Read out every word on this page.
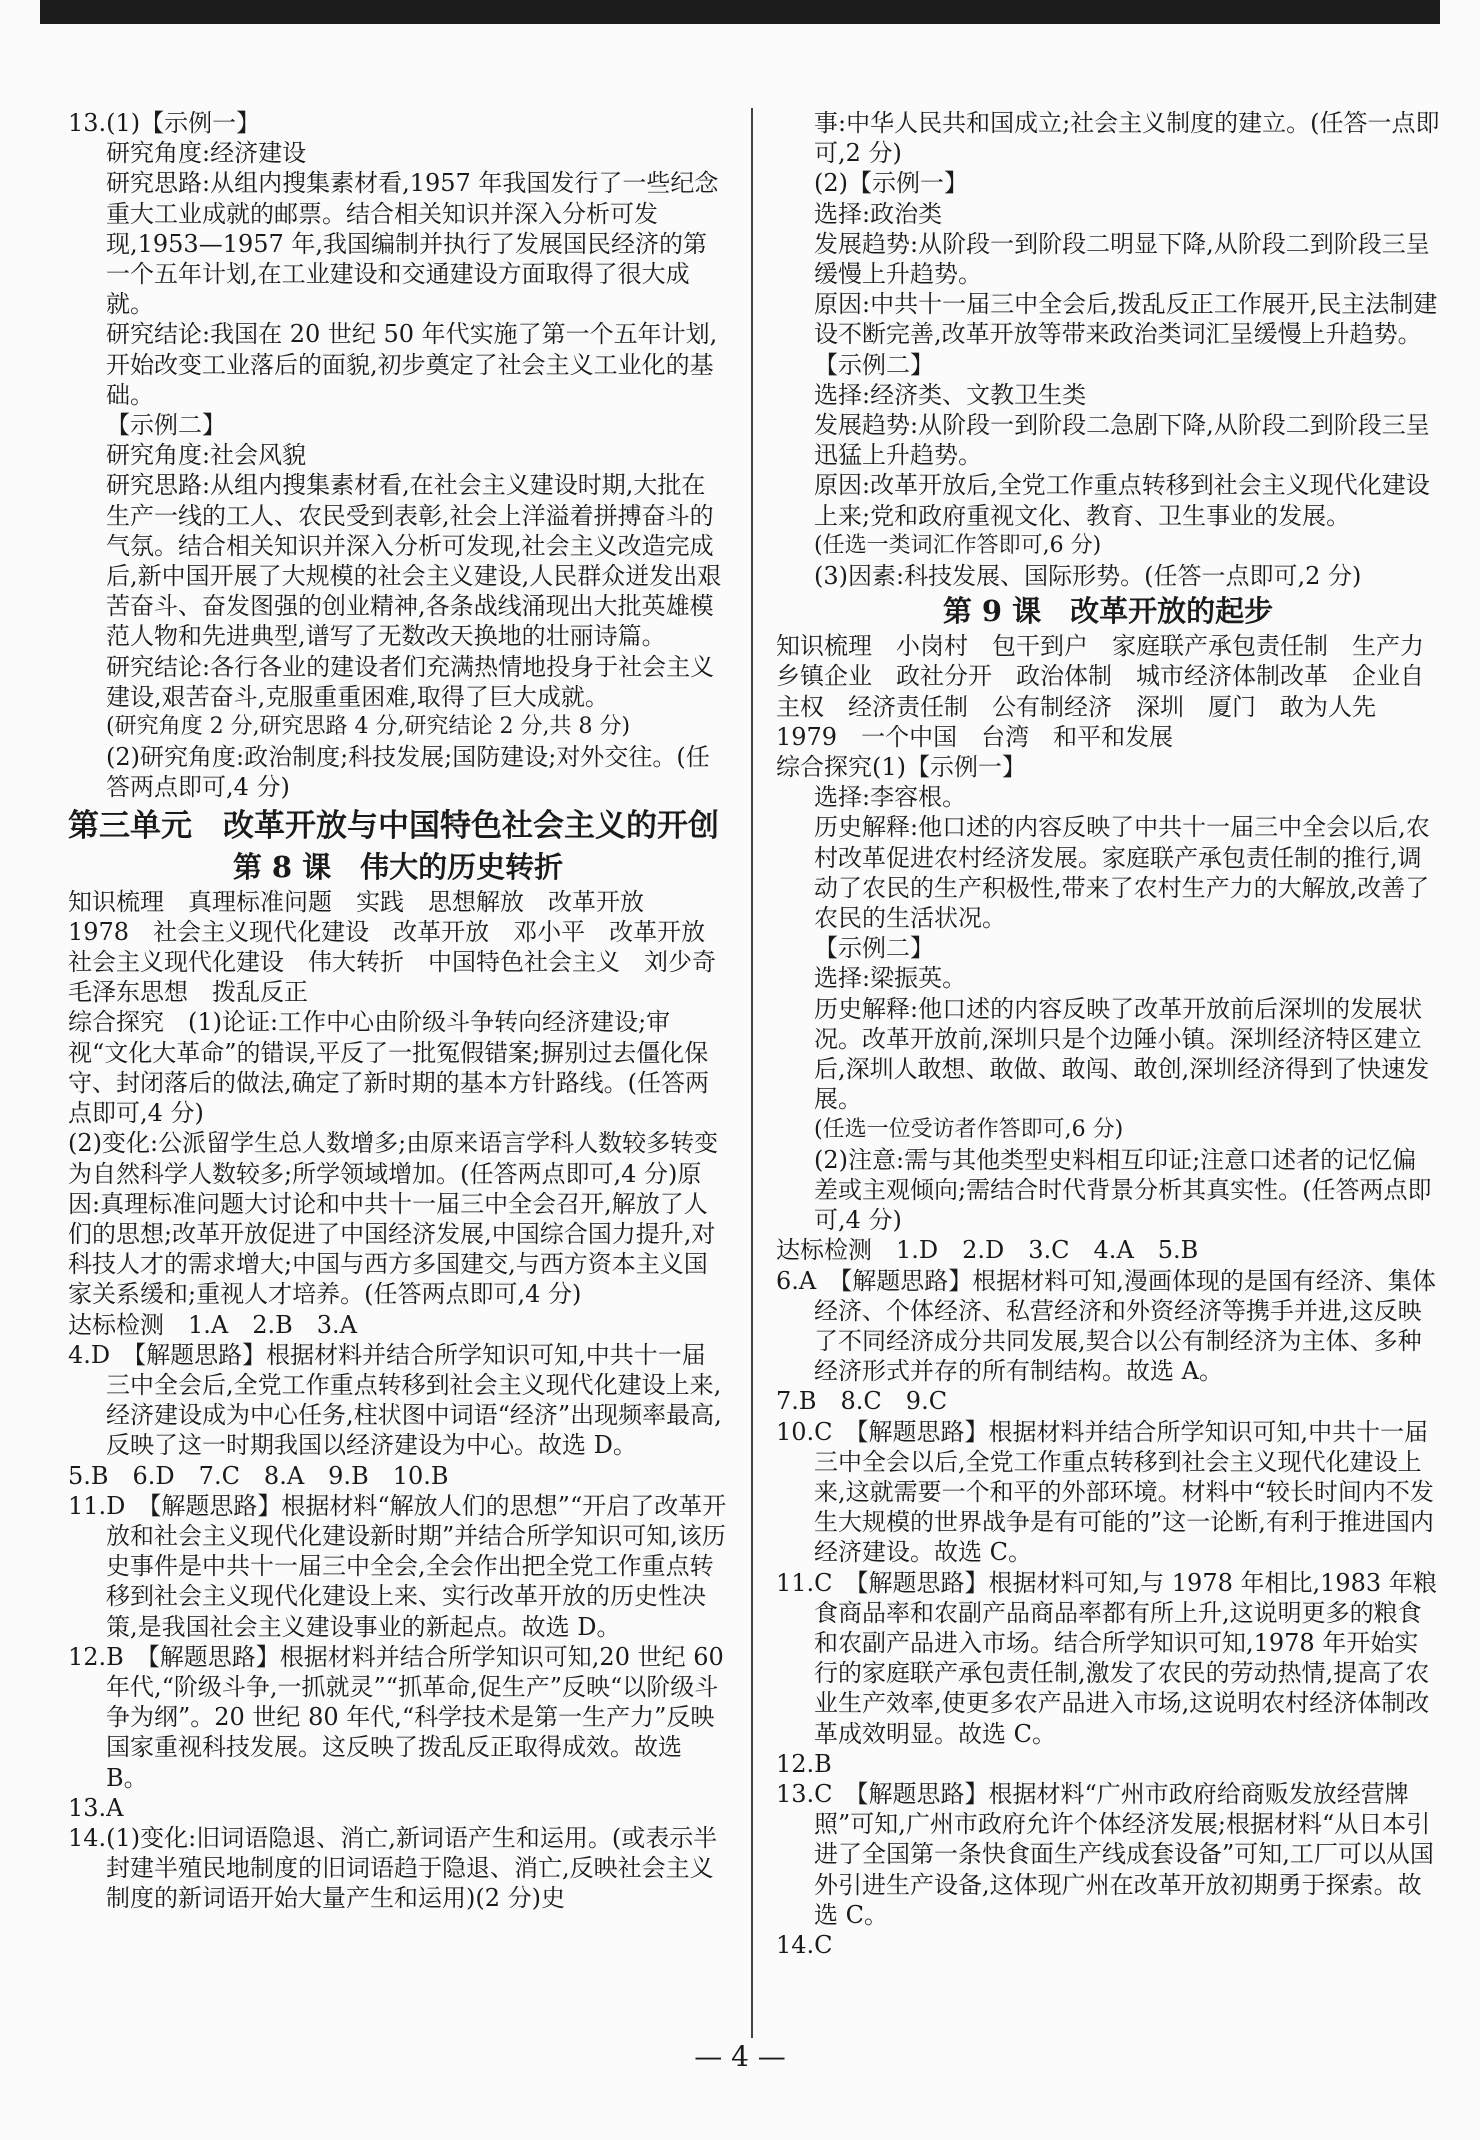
13.(1)【示例一】

研究角度:经济建设

研究思路:从组内搜集素材看,1957 年我国发行了一些纪念重大工业成就的邮票。结合相关知识并深入分析可发现,1953—1957 年,我国编制并执行了发展国民经济的第一个五年计划,在工业建设和交通建设方面取得了很大成就。

研究结论:我国在 20 世纪 50 年代实施了第一个五年计划,开始改变工业落后的面貌,初步奠定了社会主义工业化的基础。

【示例二】

研究角度:社会风貌

研究思路:从组内搜集素材看,在社会主义建设时期,大批在生产一线的工人、农民受到表彰,社会上洋溢着拼搏奋斗的气氛。结合相关知识并深入分析可发现,社会主义改造完成后,新中国开展了大规模的社会主义建设,人民群众迸发出艰苦奋斗、奋发图强的创业精神,各条战线涌现出大批英雄模范人物和先进典型,谱写了无数改天换地的壮丽诗篇。

研究结论:各行各业的建设者们充满热情地投身于社会主义建设,艰苦奋斗,克服重重困难,取得了巨大成就。

(研究角度 2 分,研究思路 4 分,研究结论 2 分,共 8 分)

(2)研究角度:政治制度;科技发展;国防建设;对外交往。(任答两点即可,4 分)

第三单元　改革开放与中国特色社会主义的开创

第 8 课　伟大的历史转折

知识梳理　真理标准问题　实践　思想解放　改革开放　1978　社会主义现代化建设　改革开放　邓小平　改革开放　社会主义现代化建设　伟大转折　中国特色社会主义　刘少奇　毛泽东思想　拨乱反正

综合探究　(1)论证:工作中心由阶级斗争转向经济建设;审视“文化大革命”的错误,平反了一批冤假错案;摒别过去僵化保守、封闭落后的做法,确定了新时期的基本方针路线。(任答两点即可,4 分)

(2)变化:公派留学生总人数增多;由原来语言学科人数较多转变为自然科学人数较多;所学领域增加。(任答两点即可,4 分)原因:真理标准问题大讨论和中共十一届三中全会召开,解放了人们的思想;改革开放促进了中国经济发展,中国综合国力提升,对科技人才的需求增大;中国与西方多国建交,与西方资本主义国家关系缓和;重视人才培养。(任答两点即可,4 分)

达标检测　1.A　2.B　3.A

4.D　【解题思路】根据材料并结合所学知识可知,中共十一届三中全会后,全党工作重点转移到社会主义现代化建设上来,经济建设成为中心任务,柱状图中词语“经济”出现频率最高,反映了这一时期我国以经济建设为中心。故选 D。

5.B　6.D　7.C　8.A　9.B　10.B

11.D　【解题思路】根据材料“解放人们的思想”“开启了改革开放和社会主义现代化建设新时期”并结合所学知识可知,该历史事件是中共十一届三中全会,全会作出把全党工作重点转移到社会主义现代化建设上来、实行改革开放的历史性决策,是我国社会主义建设事业的新起点。故选 D。

12.B　【解题思路】根据材料并结合所学知识可知,20 世纪 60 年代,“阶级斗争,一抓就灵”“抓革命,促生产”反映“以阶级斗争为纲”。20 世纪 80 年代,“科学技术是第一生产力”反映国家重视科技发展。这反映了拨乱反正取得成效。故选 B。

13.A

14.(1)变化:旧词语隐退、消亡,新词语产生和运用。(或表示半封建半殖民地制度的旧词语趋于隐退、消亡,反映社会主义制度的新词语开始大量产生和运用)(2 分)史

事:中华人民共和国成立;社会主义制度的建立。(任答一点即可,2 分)

(2)【示例一】

选择:政治类

发展趋势:从阶段一到阶段二明显下降,从阶段二到阶段三呈缓慢上升趋势。

原因:中共十一届三中全会后,拨乱反正工作展开,民主法制建设不断完善,改革开放等带来政治类词汇呈缓慢上升趋势。

【示例二】

选择:经济类、文教卫生类

发展趋势:从阶段一到阶段二急剧下降,从阶段二到阶段三呈迅猛上升趋势。

原因:改革开放后,全党工作重点转移到社会主义现代化建设上来;党和政府重视文化、教育、卫生事业的发展。

(任选一类词汇作答即可,6 分)

(3)因素:科技发展、国际形势。(任答一点即可,2 分)

第 9 课　改革开放的起步

知识梳理　小岗村　包干到户　家庭联产承包责任制　生产力　乡镇企业　政社分开　政治体制　城市经济体制改革　企业自主权　经济责任制　公有制经济　深圳　厦门　敢为人先　1979　一个中国　台湾　和平和发展

综合探究(1)【示例一】

选择:李容根。

历史解释:他口述的内容反映了中共十一届三中全会以后,农村改革促进农村经济发展。家庭联产承包责任制的推行,调动了农民的生产积极性,带来了农村生产力的大解放,改善了农民的生活状况。

【示例二】

选择:梁振英。

历史解释:他口述的内容反映了改革开放前后深圳的发展状况。改革开放前,深圳只是个边陲小镇。深圳经济特区建立后,深圳人敢想、敢做、敢闯、敢创,深圳经济得到了快速发展。

(任选一位受访者作答即可,6 分)

(2)注意:需与其他类型史料相互印证;注意口述者的记忆偏差或主观倾向;需结合时代背景分析其真实性。(任答两点即可,4 分)

达标检测　1.D　2.D　3.C　4.A　5.B

6.A　【解题思路】根据材料可知,漫画体现的是国有经济、集体经济、个体经济、私营经济和外资经济等携手并进,这反映了不同经济成分共同发展,契合以公有制经济为主体、多种经济形式并存的所有制结构。故选 A。

7.B　8.C　9.C

10.C　【解题思路】根据材料并结合所学知识可知,中共十一届三中全会以后,全党工作重点转移到社会主义现代化建设上来,这就需要一个和平的外部环境。材料中“较长时间内不发生大规模的世界战争是有可能的”这一论断,有利于推进国内经济建设。故选 C。

11.C　【解题思路】根据材料可知,与 1978 年相比,1983 年粮食商品率和农副产品商品率都有所上升,这说明更多的粮食和农副产品进入市场。结合所学知识可知,1978 年开始实行的家庭联产承包责任制,激发了农民的劳动热情,提高了农业生产效率,使更多农产品进入市场,这说明农村经济体制改革成效明显。故选 C。

12.B

13.C　【解题思路】根据材料“广州市政府给商贩发放经营牌照”可知,广州市政府允许个体经济发展;根据材料“从日本引进了全国第一条快食面生产线成套设备”可知,工厂可以从国外引进生产设备,这体现广州在改革开放初期勇于探索。故选 C。

14.C

— 4 —
